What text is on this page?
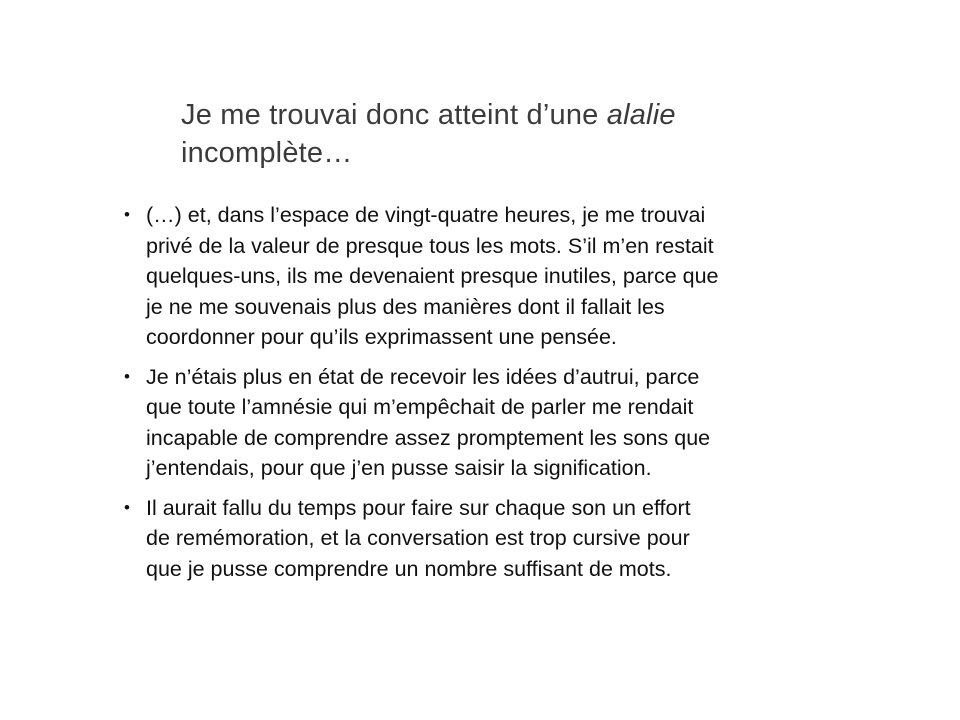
Je me trouvai donc atteint d’une alalie
incomplète…
• (…) et, dans l’espace de vingt-quatre heures, je me trouvai
privé de la valeur de presque tous les mots. S’il m’en restait
quelques-uns, ils me devenaient presque inutiles, parce que
je ne me souvenais plus des manières dont il fallait les
coordonner pour qu’ils exprimassent une pensée.
• Je n’étais plus en état de recevoir les idées d’autrui, parce
que toute l’amnésie qui m’empêchait de parler me rendait
incapable de comprendre assez promptement les sons que
j’entendais, pour que j’en pusse saisir la signification.
• Il aurait fallu du temps pour faire sur chaque son un effort
de remémoration, et la conversation est trop cursive pour
que je pusse comprendre un nombre suffisant de mots.
